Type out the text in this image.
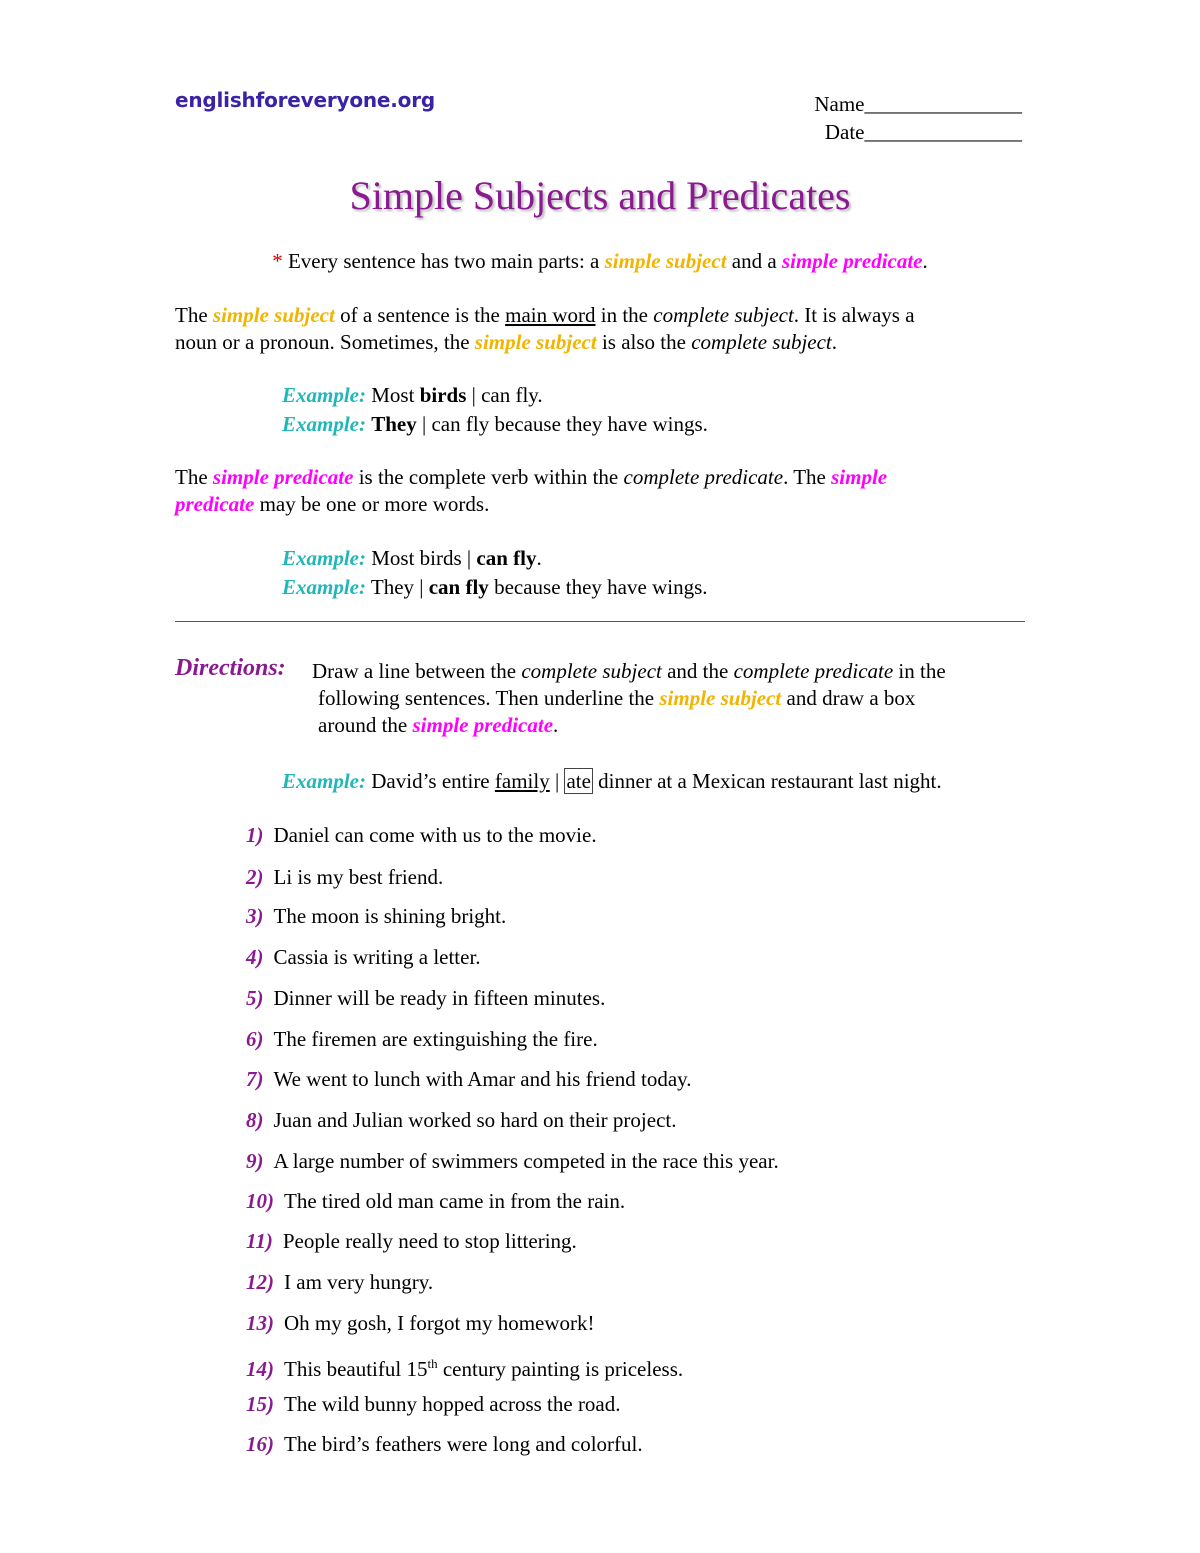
englishforeveryone.org	Name_______________
Date_______________
Simple Subjects and Predicates
* Every sentence has two main parts: a simple subject and a simple predicate.
The simple subject of a sentence is the main word in the complete subject. It is always a
noun or a pronoun. Sometimes, the simple subject is also the complete subject.
Example: Most birds | can fly.
Example: They | can fly because they have wings.
The simple predicate is the complete verb within the complete predicate. The simple
predicate may be one or more words.
Example: Most birds | can fly.
Example: They | can fly because they have wings.
Directions: Draw a line between the complete subject and the complete predicate in the
following sentences. Then underline the simple subject and draw a box
around the simple predicate.
Example: David’s entire family | ate dinner at a Mexican restaurant last night.
1) Daniel can come with us to the movie.
2) Li is my best friend.
3) The moon is shining bright.
4) Cassia is writing a letter.
5) Dinner will be ready in fifteen minutes.
6) The firemen are extinguishing the fire.
7) We went to lunch with Amar and his friend today.
8) Juan and Julian worked so hard on their project.
9) A large number of swimmers competed in the race this year.
10) The tired old man came in from the rain.
11) People really need to stop littering.
12) I am very hungry.
13) Oh my gosh, I forgot my homework!
14) This beautiful 15th century painting is priceless.
15) The wild bunny hopped across the road.
16) The bird’s feathers were long and colorful.
